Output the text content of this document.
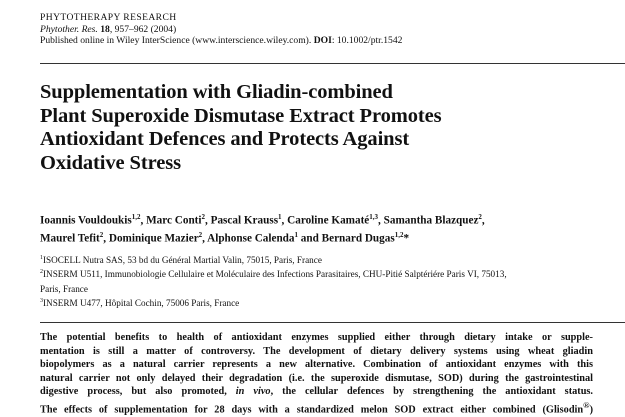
PHYTOTHERAPY RESEARCH
Phytother. Res. 18, 957–962 (2004)
Published online in Wiley InterScience (www.interscience.wiley.com). DOI: 10.1002/ptr.1542
Supplementation with Gliadin-combined
Plant Superoxide Dismutase Extract Promotes
Antioxidant Defences and Protects Against
Oxidative Stress
Ioannis Vouldoukis$^{1,2}$, Marc Conti$^2$, Pascal Krauss$^1$, Caroline Kamaté$^{1,3}$, Samantha Blazquez$^2$,
Maurel Tefit$^2$, Dominique Mazier$^2$, Alphonse Calenda$^1$ and Bernard Dugas$^{1,2}$*
$^1$ISOCELL Nutra SAS, 53 bd du Général Martial Valin, 75015, Paris, France
$^2$INSERM U511, Immunobiologie Cellulaire et Moléculaire des Infections Parasitaires, CHU-Pitié Salptériére Paris VI, 75013,
Paris, France
$^3$INSERM U477, Hôpital Cochin, 75006 Paris, France
The potential benefits to health of antioxidant enzymes supplied either through dietary intake or supple-
mentation is still a matter of controversy. The development of dietary delivery systems using wheat gliadin
biopolymers as a natural carrier represents a new alternative. Combination of antioxidant enzymes with this
natural carrier not only delayed their degradation (i.e. the superoxide dismutase, SOD) during the gastrointestinal
digestive process, but also promoted, in vivo, the cellular defences by strengthening the antioxidant status.
The effects of supplementation for 28 days with a standardized melon SOD extract either combined (Glisodin®)
